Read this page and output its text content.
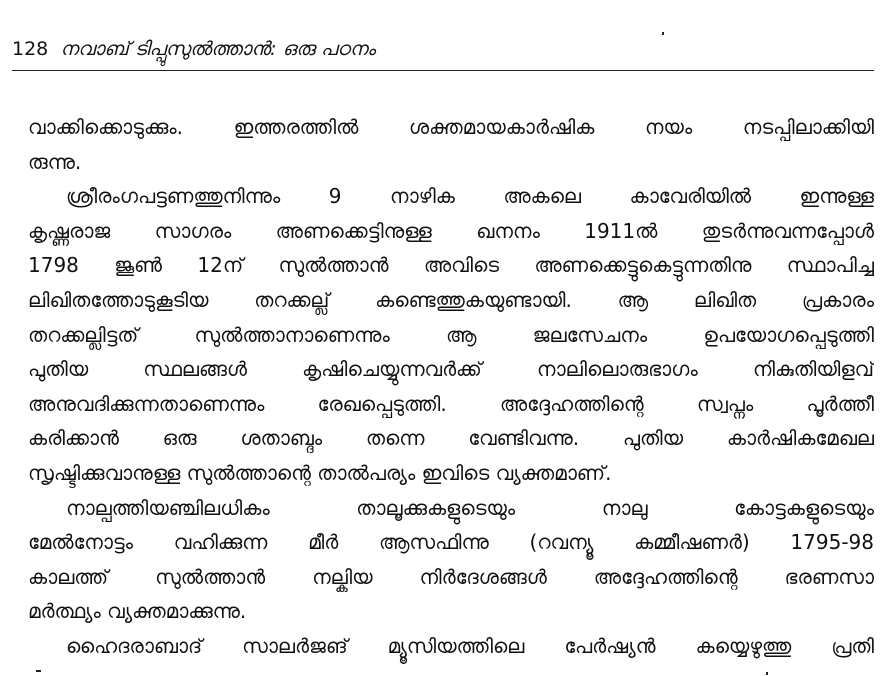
128 നവാബ് ടിപ്പുസുൽത്താൻ: ഒരു പഠനം
വാക്കിക്കൊടുക്കും. ഇത്തരത്തിൽ ശക്തമായകാർഷിക നയം നടപ്പിലാക്കിയി
രുന്നു.
ശ്രീരംഗപട്ടണത്തുനിന്നും 9 നാഴിക അകലെ കാവേരിയിൽ ഇന്നുള്ള
കൃഷ്ണരാജ സാഗരം അണക്കെട്ടിനുള്ള ഖനനം 1911ൽ തുടർന്നുവന്നപ്പോൾ
1798 ജൂൺ 12ന് സുൽത്താൻ അവിടെ അണക്കെട്ടുകെട്ടുന്നതിനു സ്ഥാപിച്ച
ലിഖിതത്തോടുകൂടിയ തറക്കല്ല് കണ്ടെത്തുകയുണ്ടായി. ആ ലിഖിത പ്രകാരം
തറക്കല്ലിട്ടത് സുൽത്താനാണെന്നും ആ ജലസേചനം ഉപയോഗപ്പെടുത്തി
പുതിയ സ്ഥലങ്ങൾ കൃഷിചെയ്യുന്നവർക്ക് നാലിലൊരുഭാഗം നികുതിയിളവ്
അനുവദിക്കുന്നതാണെന്നും രേഖപ്പെടുത്തി. അദ്ദേഹത്തിന്റെ സ്വപ്നം പൂർത്തീ
കരിക്കാൻ ഒരു ശതാബ്ദം തന്നെ വേണ്ടിവന്നു. പുതിയ കാർഷികമേഖല
സൃഷ്ടിക്കുവാനുള്ള സുൽത്താന്റെ താൽപര്യം ഇവിടെ വ്യക്തമാണ്.
നാല്പത്തിയഞ്ചിലധികം താലൂക്കുകളുടെയും നാലു കോട്ടകളുടെയും
മേൽനോട്ടം വഹിക്കുന്ന മീർ ആസഫിന്നു (റവന്യൂ കമ്മീഷണർ) 1795-98
കാലത്ത് സുൽത്താൻ നല്കിയ നിർദേശങ്ങൾ അദ്ദേഹത്തിന്റെ ഭരണസാ
മർത്ഥ്യം വ്യക്തമാക്കുന്നു.
ഹൈദരാബാദ് സാലർജങ് മ്യൂസിയത്തിലെ പേർഷ്യൻ കയ്യെഴുത്തു പ്രതി
